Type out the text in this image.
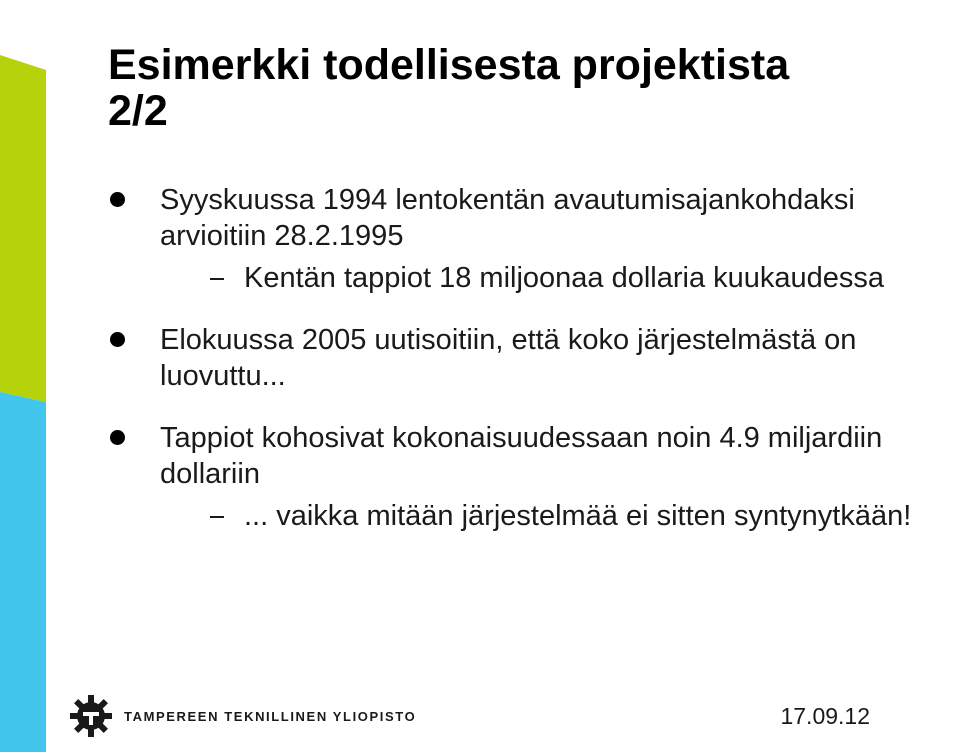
Esimerkki todellisesta projektista
2/2
Syyskuussa 1994 lentokentän avautumisajankohdaksi arvioitiin 28.2.1995
Kentän tappiot 18 miljoonaa dollaria kuukaudessa
Elokuussa 2005 uutisoitiin, että koko järjestelmästä on luovuttu...
Tappiot kohosivat kokonaisuudessaan noin 4.9 miljardiin dollariin
... vaikka mitään järjestelmää ei sitten syntynytkään!
TAMPEREEN TEKNILLINEN YLIOPISTO	17.09.12
